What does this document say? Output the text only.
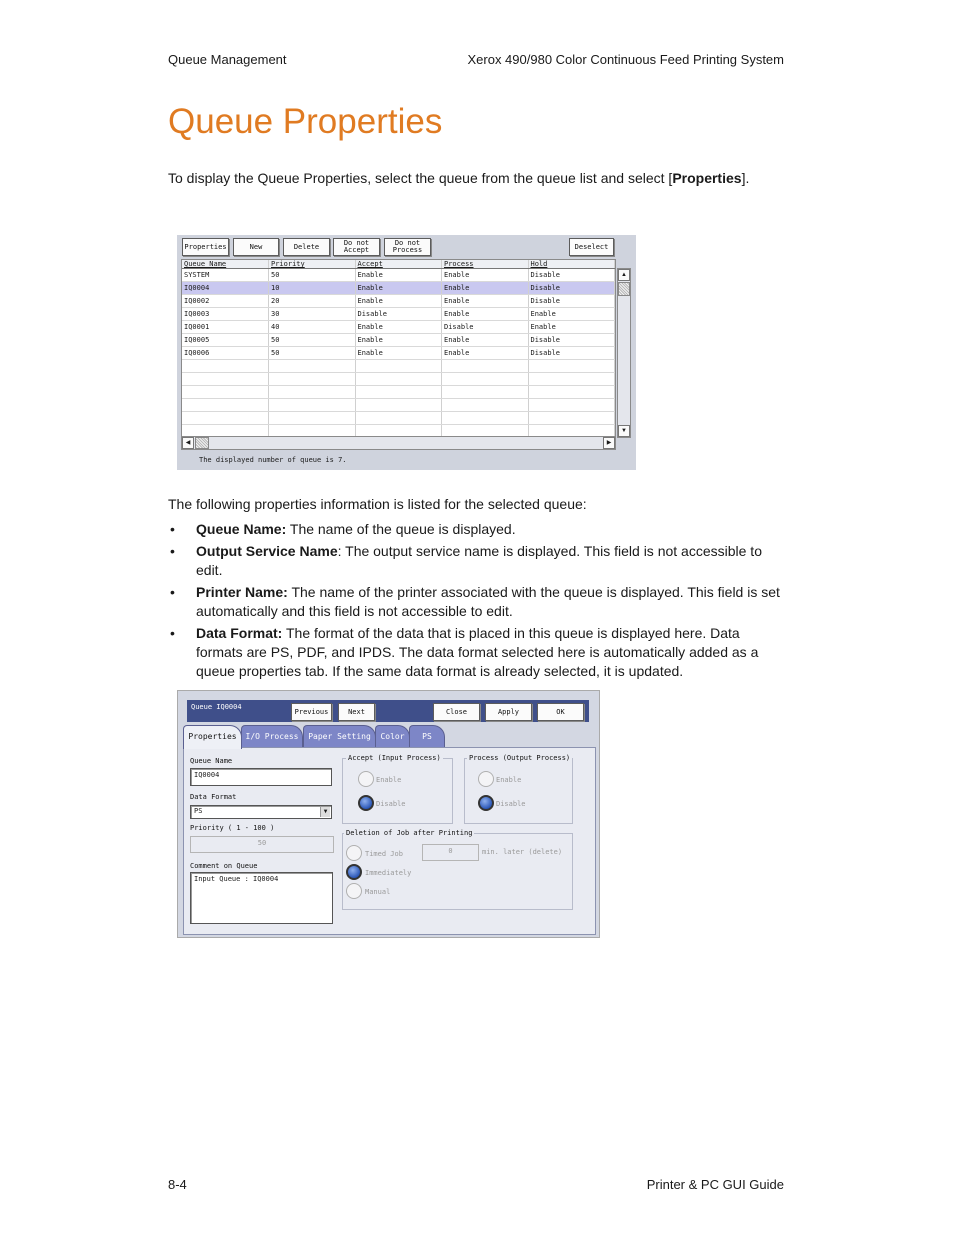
Queue Management	Xerox 490/980 Color Continuous Feed Printing System
Queue Properties

To display the Queue Properties, select the queue from the queue list and select [Properties].

Properties	New	Delete	Do not Accept
Do not Process	Deselect
Queue Name	Priority	Accept	Process	Hold
SYSTEM	50	Enable	Enable	Disable
IQ0004	10	Enable	Enable	Disable
IQ0002	20	Enable	Enable	Disable
IQ0003	30	Disable	Enable	Enable
IQ0001	40	Enable	Disable	Enable
IQ0005	50	Enable	Enable	Disable
IQ0006	50	Enable	Enable	Disable

▲
▼
◀	▶
The displayed number of queue is 7.

The following properties information is listed for the selected queue:

• Queue Name: The name of the queue is displayed.
• Output Service Name: The output service name is displayed. This field is not accessible to edit.
• Printer Name: The name of the printer associated with the queue is displayed. This field is set automatically and this field is not accessible to edit.
• Data Format: The format of the data that is placed in this queue is displayed here. Data formats are PS, PDF, and IPDS. The data format selected here is automatically added as a queue properties tab. If the same data format is already selected, it is updated.
Queue IQ0004
Previous	Next	Close	Apply	OK
Properties	I/O Process	Paper Setting	Color	PS
Queue Name
IQ0004
Data Format
PS	▼
Priority ( 1 - 100 )
50
Comment on Queue
Input Queue : IQ0004
Accept (Input Process)
Enable
Disable
Process (Output Process)
Enable
Disable
Deletion of Job after Printing
Timed Job	0	min. later (delete)
Immediately
Manual
8-4	Printer & PC GUI Guide
